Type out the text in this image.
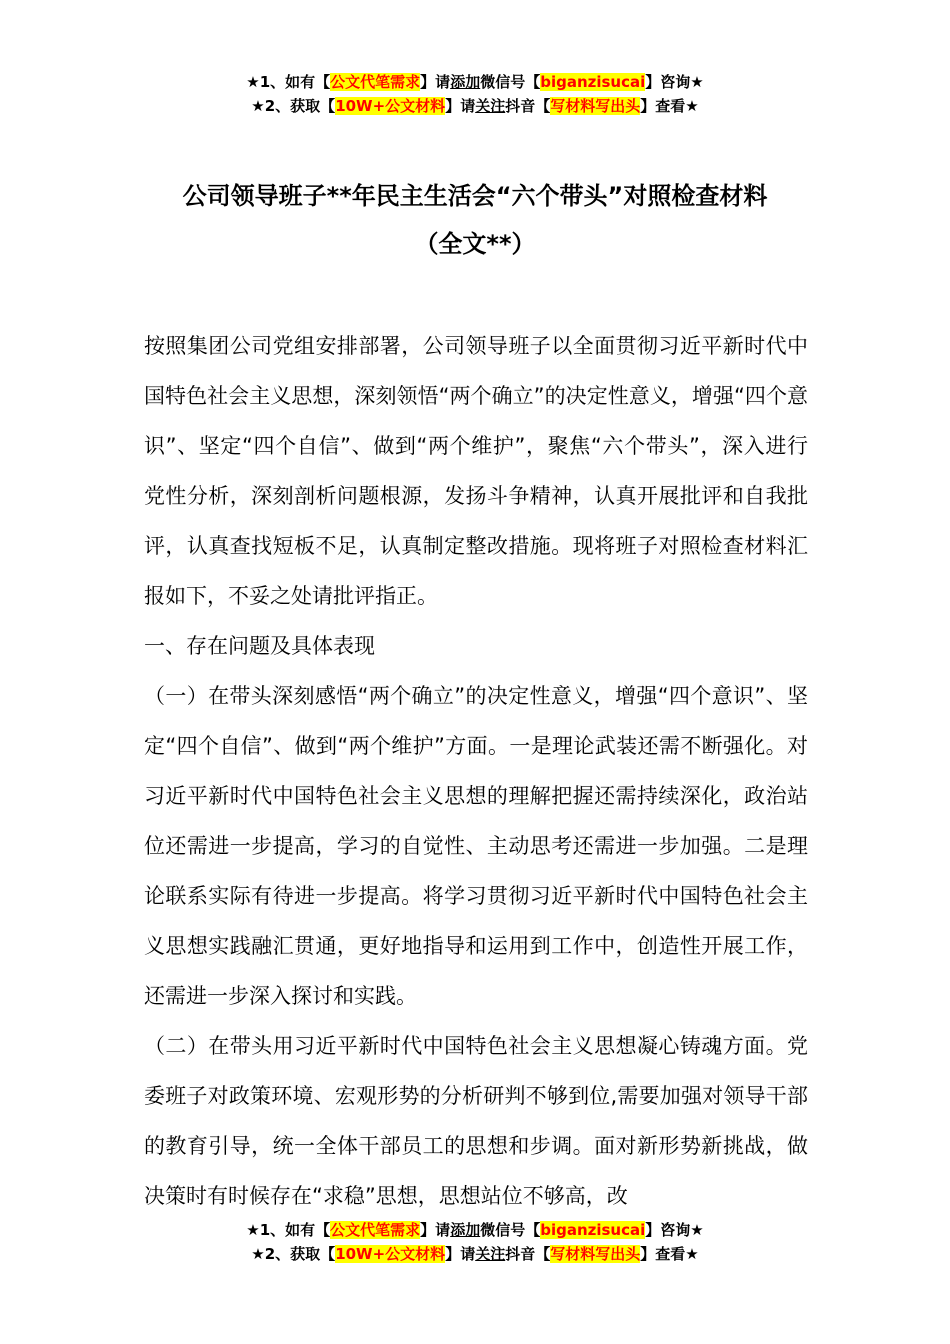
★1、如有【公文代笔需求】请添加微信号【biganzisucai】咨询★
★2、获取【10W+公文材料】请关注抖音【写材料写出头】查看★
公司领导班子**年民主生活会“六个带头”对照检查材料
（全文**）

按照集团公司党组安排部署，公司领导班子以全面贯彻习近平新时代中国特色社会主义思想，深刻领悟“两个确立”的决定性意义，增强“四个意识”、坚定“四个自信”、做到“两个维护”，聚焦“六个带头”，深入进行党性分析，深刻剖析问题根源，发扬斗争精神，认真开展批评和自我批评，认真查找短板不足，认真制定整改措施。现将班子对照检查材料汇报如下，不妥之处请批评指正。

一、存在问题及具体表现

（一）在带头深刻感悟“两个确立”的决定性意义，增强“四个意识”、坚定“四个自信”、做到“两个维护”方面。一是理论武装还需不断强化。对习近平新时代中国特色社会主义思想的理解把握还需持续深化，政治站位还需进一步提高，学习的自觉性、主动思考还需进一步加强。二是理论联系实际有待进一步提高。将学习贯彻习近平新时代中国特色社会主义思想实践融汇贯通，更好地指导和运用到工作中，创造性开展工作，还需进一步深入探讨和实践。

（二）在带头用习近平新时代中国特色社会主义思想凝心铸魂方面。党委班子对政策环境、宏观形势的分析研判不够到位,需要加强对领导干部的教育引导，统一全体干部员工的思想和步调。面对新形势新挑战，做决策时有时候存在“求稳”思想，思想站位不够高，改

★1、如有【公文代笔需求】请添加微信号【biganzisucai】咨询★
★2、获取【10W+公文材料】请关注抖音【写材料写出头】查看★
